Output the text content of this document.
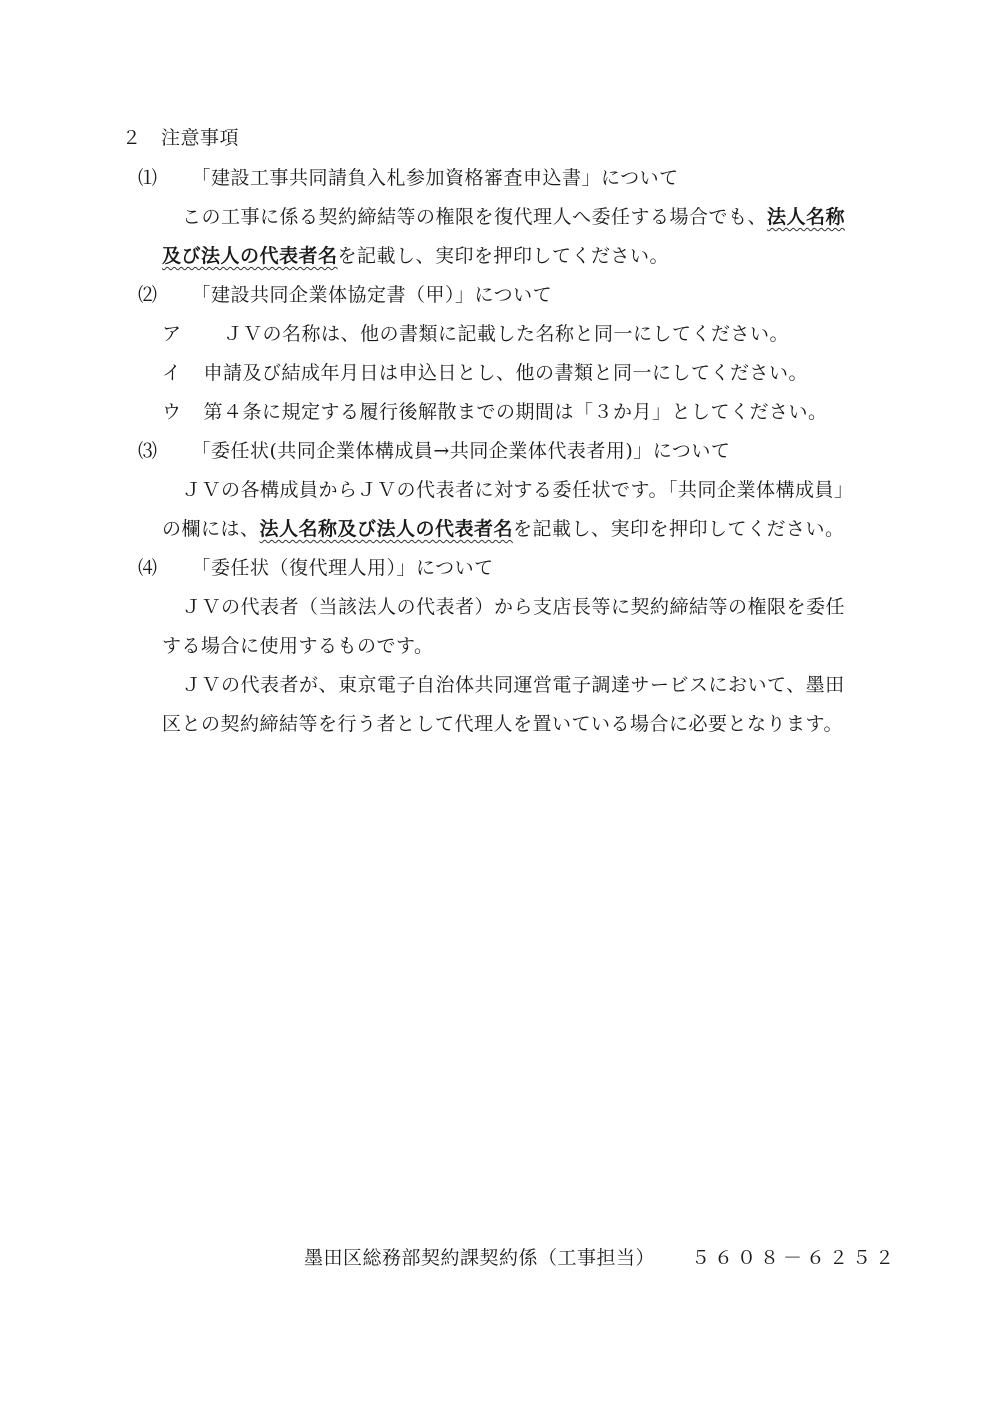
２　注意事項
⑴ 「建設工事共同請負入札参加資格審査申込書」について
この工事に係る契約締結等の権限を復代理人へ委任する場合でも、法人名称
及び法人の代表者名を記載し、実印を押印してください。
⑵ 「建設共同企業体協定書（甲）」について
ア ＪＶの名称は、他の書類に記載した名称と同一にしてください。
イ 申請及び結成年月日は申込日とし、他の書類と同一にしてください。
ウ 第４条に規定する履行後解散までの期間は「３か月」としてください。
⑶ 「委任状(共同企業体構成員→共同企業体代表者用)」について
ＪＶの各構成員からＪＶの代表者に対する委任状です。「共同企業体構成員」
の欄には、法人名称及び法人の代表者名を記載し、実印を押印してください。
⑷ 「委任状（復代理人用）」について
ＪＶの代表者（当該法人の代表者）から支店長等に契約締結等の権限を委任
する場合に使用するものです。
ＪＶの代表者が、東京電子自治体共同運営電子調達サービスにおいて、墨田
区との契約締結等を行う者として代理人を置いている場合に必要となります。
墨田区総務部契約課契約係（工事担当） ５６０８－６２５２
